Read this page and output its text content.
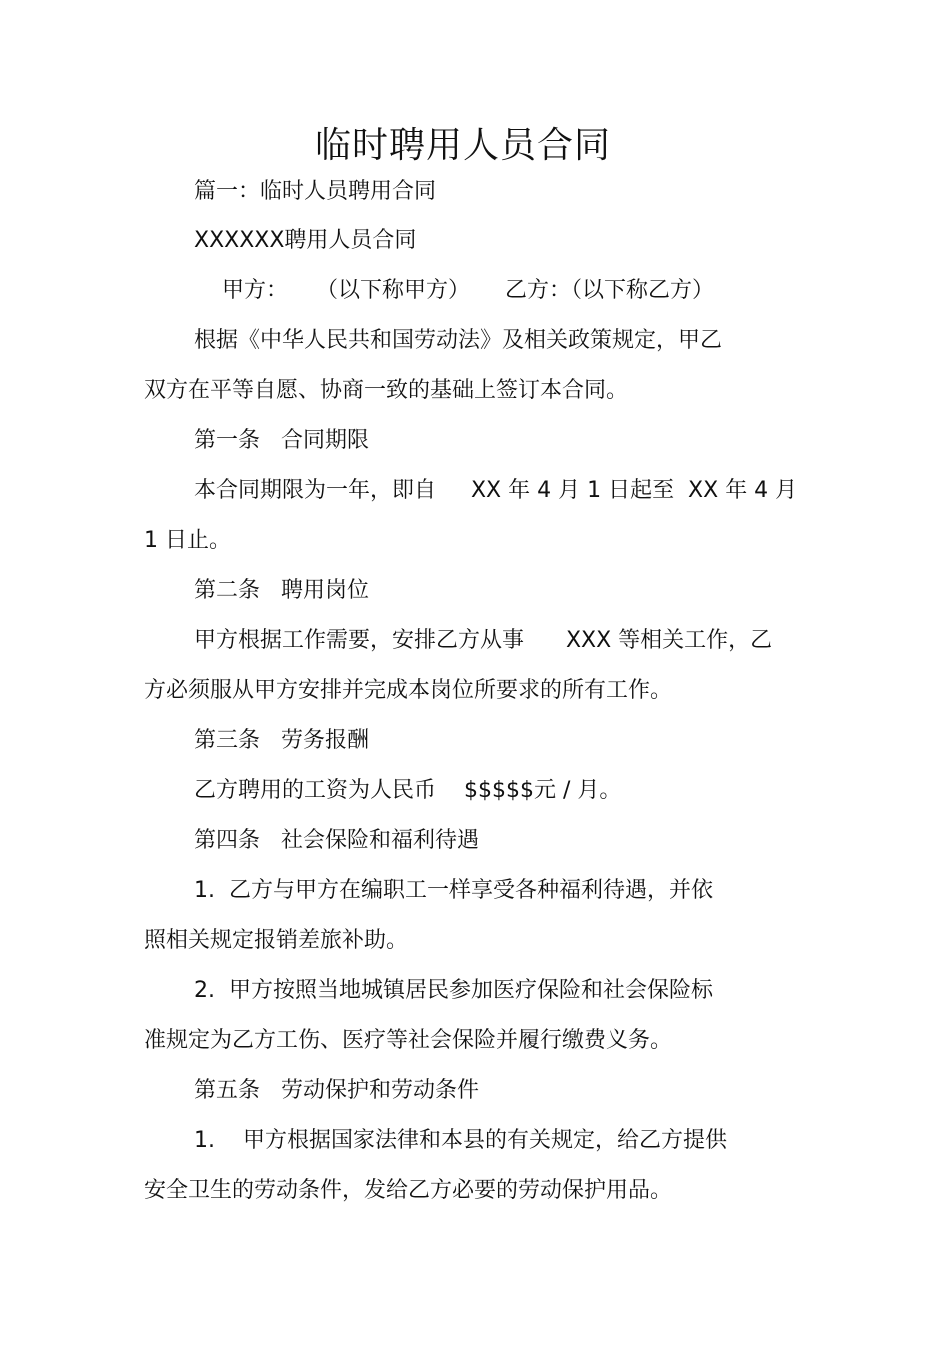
临时聘用人员合同
篇一：临时人员聘用合同
XXXXXX聘用人员合同
甲方：    （以下称甲方）     乙方：（以下称乙方）
根据《中华人民共和国劳动法》及相关政策规定，甲乙
双方在平等自愿、协商一致的基础上签订本合同。
第一条   合同期限
本合同期限为一年，即自     XX 年 4 月 1 日起至  XX 年 4 月
1 日止。
第二条   聘用岗位
甲方根据工作需要，安排乙方从事      XXX 等相关工作，乙
方必须服从甲方安排并完成本岗位所要求的所有工作。
第三条   劳务报酬
乙方聘用的工资为人民币    $$$$$元 / 月。
第四条   社会保险和福利待遇
1.  乙方与甲方在编职工一样享受各种福利待遇，并依
照相关规定报销差旅补助。
2.  甲方按照当地城镇居民参加医疗保险和社会保险标
准规定为乙方工伤、医疗等社会保险并履行缴费义务。
第五条   劳动保护和劳动条件
1.    甲方根据国家法律和本县的有关规定，给乙方提供
安全卫生的劳动条件，发给乙方必要的劳动保护用品。
